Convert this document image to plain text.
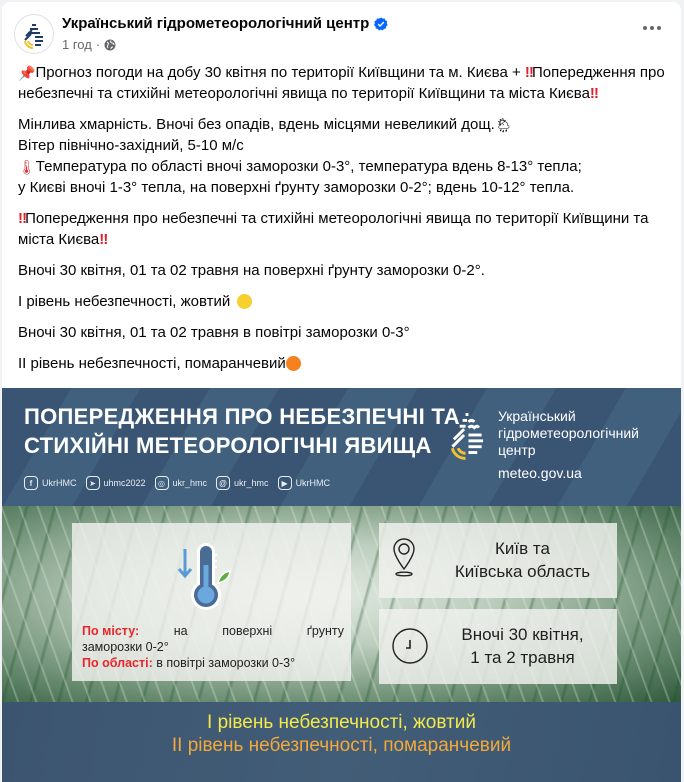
Український гідрометеорологічний центр
1 год ·

📌Прогноз погоди на добу 30 квітня по території Київщини та м. Києва + ‼Попередження про небезпечні та стихійні метеорологічні явища по території Київщини та міста Києва‼

Мінлива хмарність. Вночі без опадів, вдень місцями невеликий дощ.🌦
Вітер північно-західний, 5-10 м/с
🌡Температура по області вночі заморозки 0-3°, температура вдень 8-13° тепла;
у Києві вночі 1-3° тепла, на поверхні ґрунту заморозки 0-2°; вдень 10-12° тепла.

‼Попередження про небезпечні та стихійні метеорологічні явища по території Київщини та міста Києва‼

Вночі 30 квітня, 01 та 02 травня на поверхні ґрунту заморозки 0-2°.

І рівень небезпечності, жовтий

Вночі 30 квітня, 01 та 02 травня в повітрі заморозки 0-3°

ІІ рівень небезпечності, помаранчевий

ПОПЕРЕДЖЕННЯ ПРО НЕБЕЗПЕЧНІ ТА
СТИХІЙНІ МЕТЕОРОЛОГІЧНІ ЯВИЩА
Український
гідрометеорологічний
центр
meteo.gov.ua
f	UkrHMC	➤ uhmc2022	◎ ukr_hmc	@ ukr_hmc	▶ UkrHMC
По місту:	на	поверхні	ґрунту
заморозки 0-2°
По області: в повітрі заморозки 0-3°
Київ та
Київська область
Вночі 30 квітня,
1 та 2 травня
І рівень небезпечності, жовтий
ІІ рівень небезпечності, помаранчевий
